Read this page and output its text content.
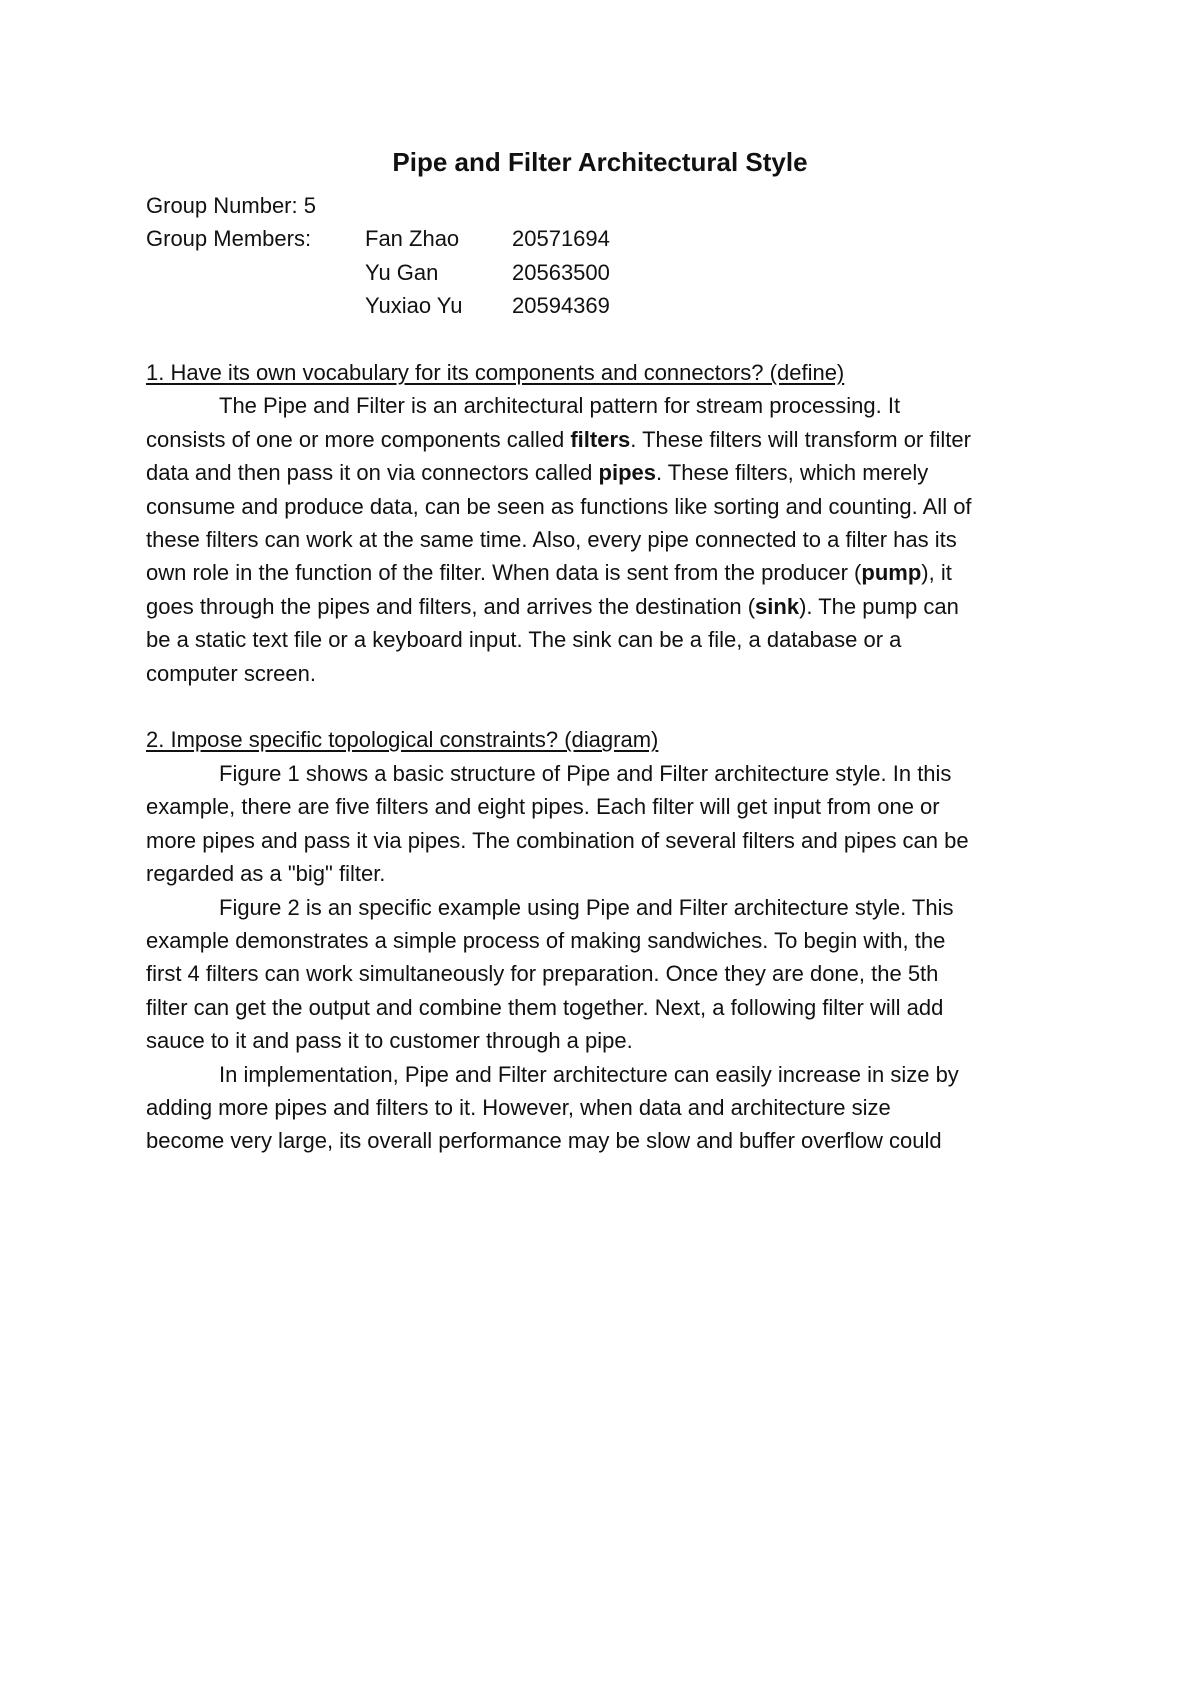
Pipe and Filter Architectural Style
Group Number: 5
Group Members:	Fan Zhao	20571694
Yu Gan	20563500
Yuxiao Yu	20594369
1. Have its own vocabulary for its components and connectors? (define)
The Pipe and Filter is an architectural pattern for stream processing. It
consists of one or more components called filters. These filters will transform or filter
data and then pass it on via connectors called pipes. These filters, which merely
consume and produce data, can be seen as functions like sorting and counting. All of
these filters can work at the same time. Also, every pipe connected to a filter has its
own role in the function of the filter. When data is sent from the producer (pump), it
goes through the pipes and filters, and arrives the destination (sink). The pump can
be a static text file or a keyboard input. The sink can be a file, a database or a
computer screen.
2. Impose specific topological constraints? (diagram)
Figure 1 shows a basic structure of Pipe and Filter architecture style. In this
example, there are five filters and eight pipes. Each filter will get input from one or
more pipes and pass it via pipes. The combination of several filters and pipes can be
regarded as a "big" filter.
Figure 2 is an specific example using Pipe and Filter architecture style. This
example demonstrates a simple process of making sandwiches. To begin with, the
first 4 filters can work simultaneously for preparation. Once they are done, the 5th
filter can get the output and combine them together. Next, a following filter will add
sauce to it and pass it to customer through a pipe.
In implementation, Pipe and Filter architecture can easily increase in size by
adding more pipes and filters to it. However, when data and architecture size
become very large, its overall performance may be slow and buffer overflow could
